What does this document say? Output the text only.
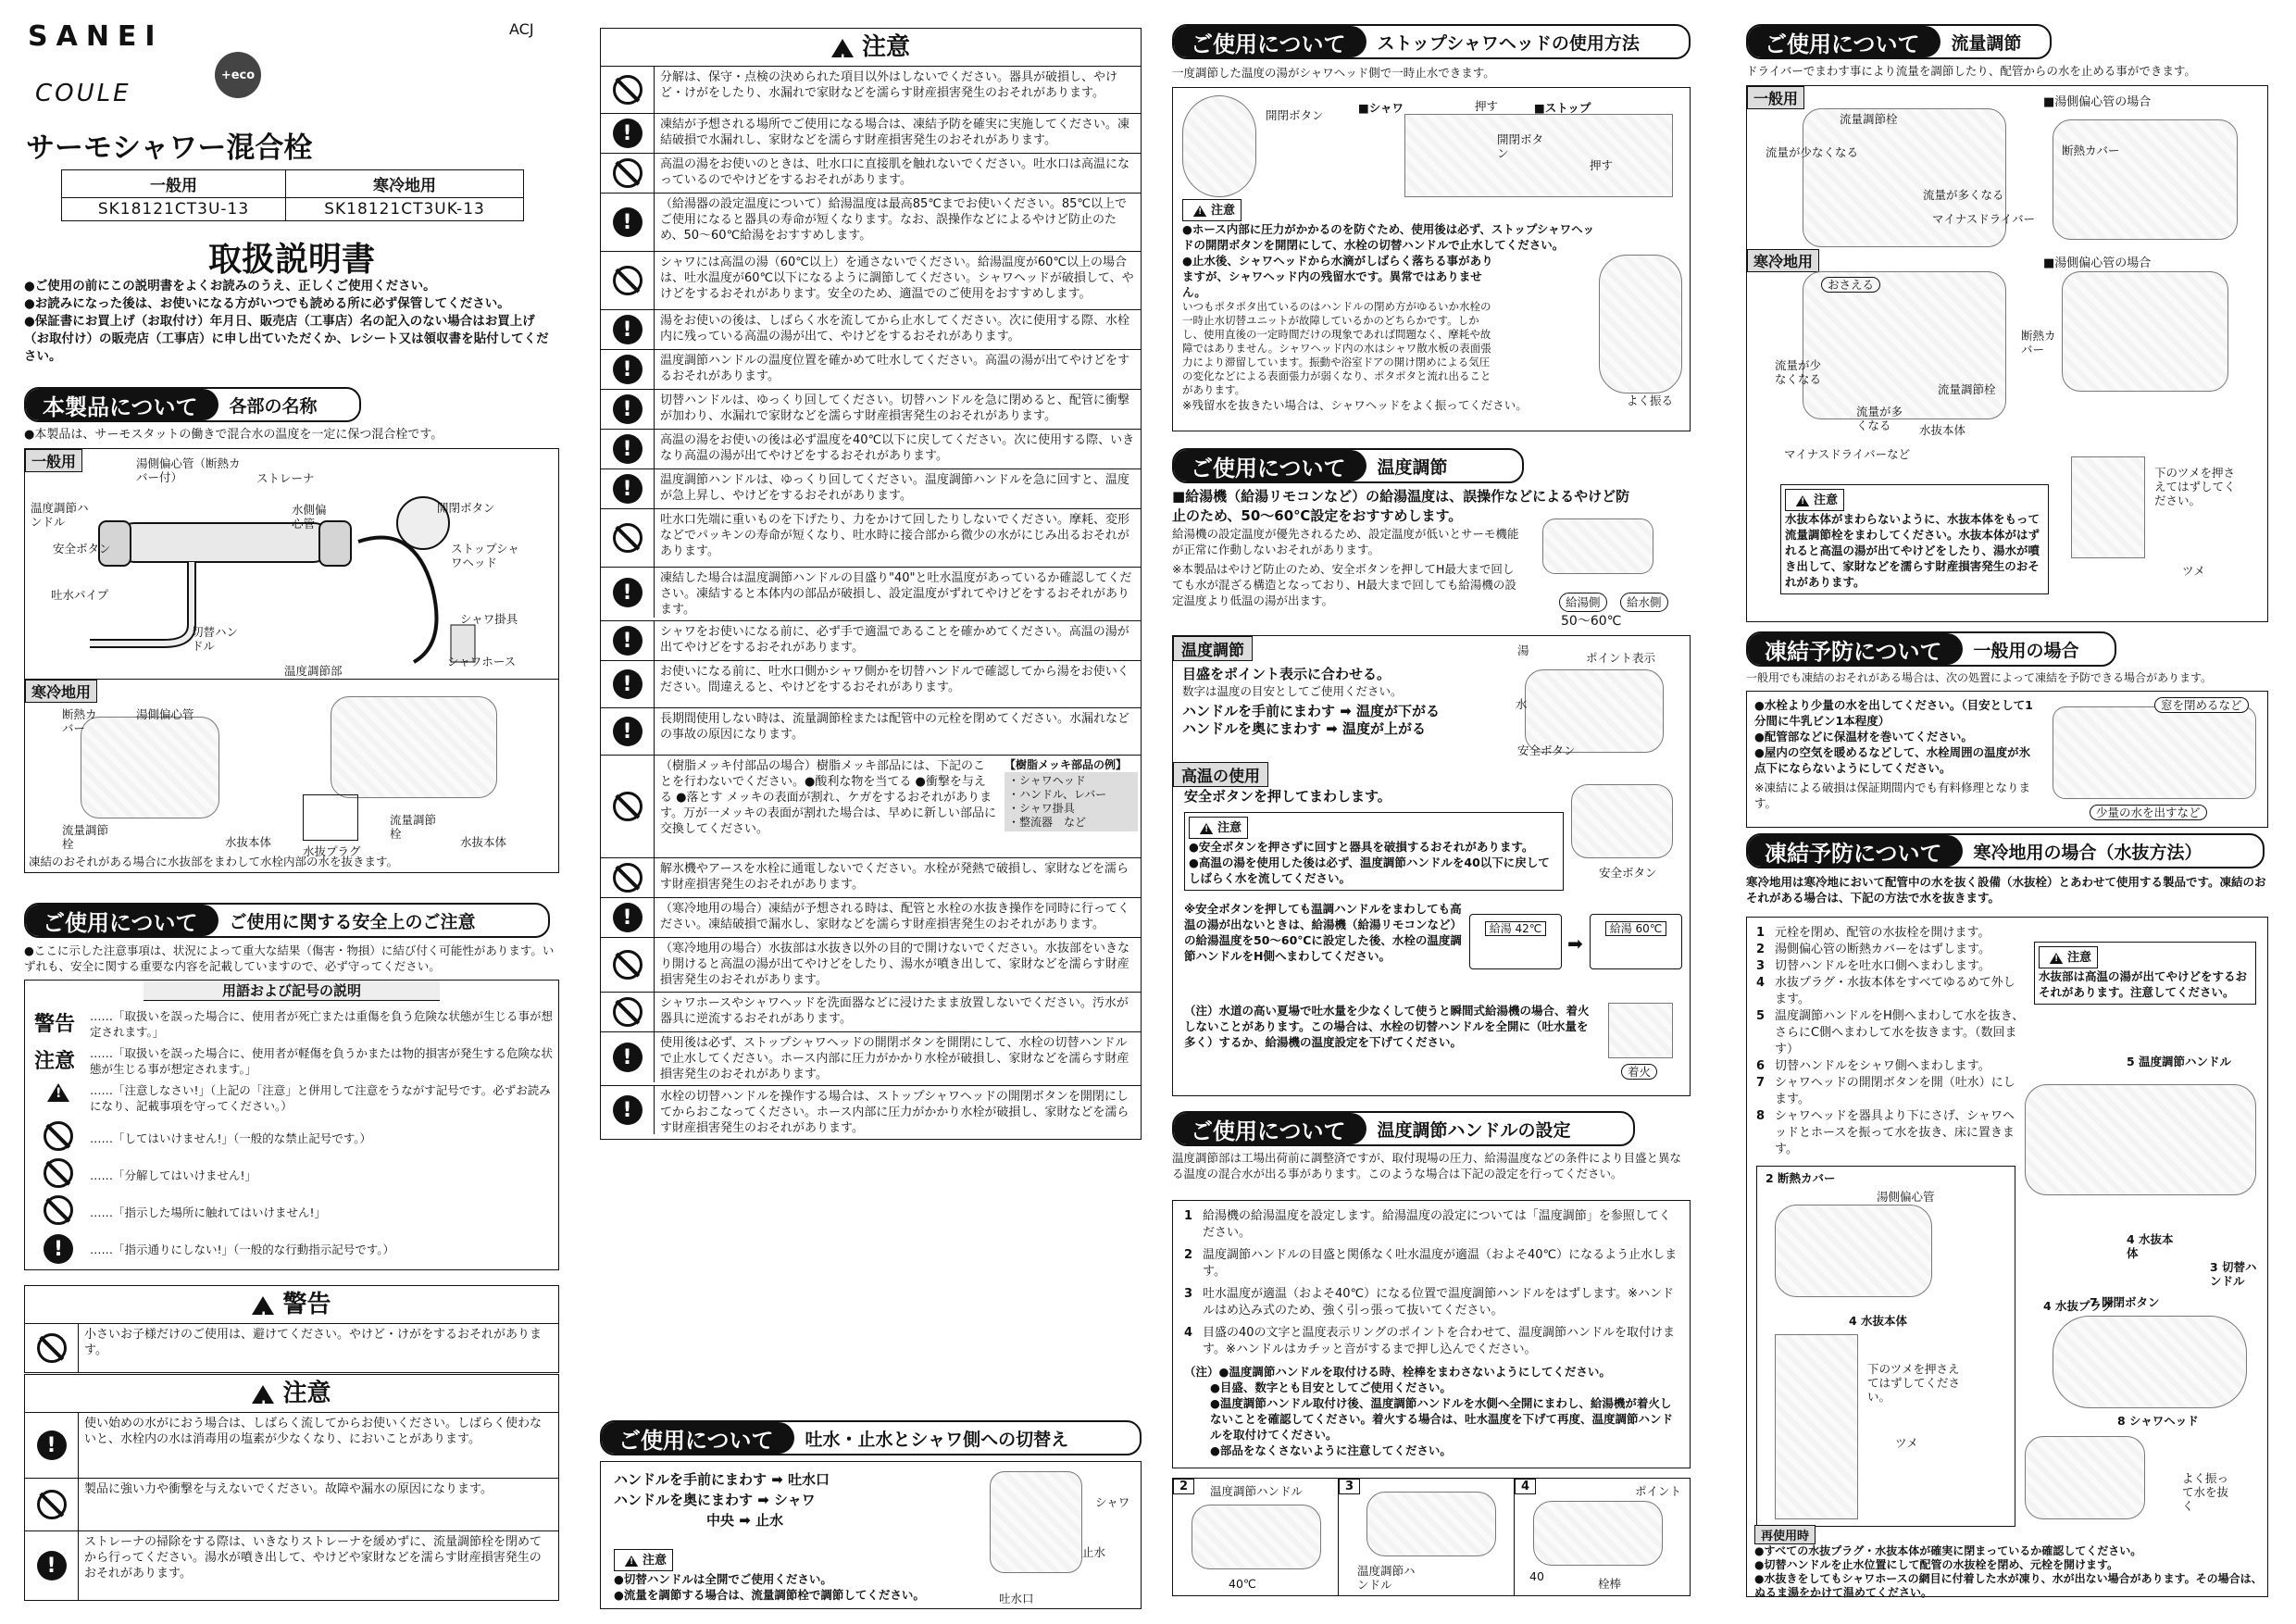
SANEI	ACJ
COULE
+eco
サーモシャワー混合栓
一般用	寒冷地用
SK18121CT3U-13	SK18121CT3UK-13
取扱説明書

●ご使用の前にこの説明書をよくお読みのうえ、正しくご使用ください。

●お読みになった後は、お使いになる方がいつでも読める所に必ず保管してください。

●保証書にお買上げ（お取付け）年月日、販売店（工事店）名の記入のない場合はお買上げ（お取付け）の販売店（工事店）に申し出ていただくか、レシート又は領収書を貼付してください。

本製品について	各部の名称

●本製品は、サーモスタットの働きで混合水の温度を一定に保つ混合栓です。

一般用	湯側偏心管（断熱カバー付）	ストレーナ
温度調節ハンドル
水側偏心管
安全ボタン
開閉ボタン
ストップシャワヘッド
吐水パイプ
切替ハンドル
シャワ掛具
温度調節部
シャワホース
寒冷地用
断熱カバー
湯側偏心管
流量調節栓	水抜本体
水抜プラグ
流量調節栓
水抜本体

凍結のおそれがある場合に水抜部をまわして水栓内部の水を抜きます。

ご使用について	ご使用に関する安全上のご注意

●ここに示した注意事項は、状況によって重大な結果（傷害・物損）に結び付く可能性があります。いずれも、安全に関する重要な内容を記載していますので、必ず守ってください。

用語および記号の説明
警告	……「取扱いを誤った場合に、使用者が死亡または重傷を負う危険な状態が生じる事が想定されます。」
注意	……「取扱いを誤った場合に、使用者が軽傷を負うかまたは物的損害が発生する危険な状態が生じる事が想定されます。」
!
……「注意しなさい!」（上記の「注意」と併用して注意をうながす記号です。必ずお読みになり、記載事項を守ってください。）
……「してはいけません!」（一般的な禁止記号です。）
……「分解してはいけません!」
……「指示した場所に触れてはいけません!」
!	……「指示通りにしない!」（一般的な行動指示記号です。）
! 警告
小さいお子様だけのご使用は、避けてください。やけど・けがをするおそれがあります。
! 注意
!
使い始めの水がにおう場合は、しばらく流してからお使いください。しばらく使わないと、水栓内の水は消毒用の塩素が少なくなり、においことがあります。
製品に強い力や衝撃を与えないでください。故障や漏水の原因になります。
!
ストレーナの掃除をする際は、いきなりストレーナを緩めずに、流量調節栓を閉めてから行ってください。湯水が噴き出して、やけどや家財などを濡らす財産損害発生のおそれがあります。
! 注意
分解は、保守・点検の決められた項目以外はしないでください。器具が破損し、やけど・けがをしたり、水漏れで家財などを濡らす財産損害発生のおそれがあります。
!	凍結が予想される場所でご使用になる場合は、凍結予防を確実に実施してください。凍結破損で水漏れし、家財などを濡らす財産損害発生のおそれがあります。
高温の湯をお使いのときは、吐水口に直接肌を触れないでください。吐水口は高温になっているのでやけどをするおそれがあります。
!
（給湯器の設定温度について）給湯温度は最高85℃までお使いください。85℃以上でご使用になると器具の寿命が短くなります。なお、誤操作などによるやけど防止のため、50～60℃給湯をおすすめします。
シャワには高温の湯（60℃以上）を通さないでください。給湯温度が60℃以上の場合は、吐水温度が60℃以下になるように調節してください。シャワヘッドが破損して、やけどをするおそれがあります。安全のため、適温でのご使用をおすすめします。
!	湯をお使いの後は、しばらく水を流してから止水してください。次に使用する際、水栓内に残っている高温の湯が出て、やけどをするおそれがあります。
!	温度調節ハンドルの温度位置を確かめて吐水してください。高温の湯が出てやけどをするおそれがあります。
!	切替ハンドルは、ゆっくり回してください。切替ハンドルを急に閉めると、配管に衝撃が加わり、水漏れで家財などを濡らす財産損害発生のおそれがあります。
!	高温の湯をお使いの後は必ず温度を40℃以下に戻してください。次に使用する際、いきなり高温の湯が出てやけどをするおそれがあります。
!	温度調節ハンドルは、ゆっくり回してください。温度調節ハンドルを急に回すと、温度が急上昇し、やけどをするおそれがあります。
吐水口先端に重いものを下げたり、力をかけて回したりしないでください。摩耗、変形などでパッキンの寿命が短くなり、吐水時に接合部から微少の水がにじみ出るおそれがあります。
!
凍結した場合は温度調節ハンドルの目盛り"40"と吐水温度があっているか確認してください。凍結すると本体内の部品が破損し、設定温度がずれてやけどをするおそれがあります。
!	シャワをお使いになる前に、必ず手で適温であることを確かめてください。高温の湯が出てやけどをするおそれがあります。
!
お使いになる前に、吐水口側かシャワ側かを切替ハンドルで確認してから湯をお使いください。間違えると、やけどをするおそれがあります。
!
長期間使用しない時は、流量調節栓または配管中の元栓を閉めてください。水漏れなどの事故の原因になります。
（樹脂メッキ付部品の場合）樹脂メッキ部品には、下記のことを行わないでください。●酸利な物を当てる ●衝撃を与える ●落とす メッキの表面が割れ、ケガをするおそれがあります。万が一メッキの表面が割れた場合は、早めに新しい部品に交換してください。
【樹脂メッキ部品の例】
・シャワヘッド
・ハンドル、レバー
・シャワ掛具
・整流器　など
解氷機やアースを水栓に通電しないでください。水栓が発熱で破損し、家財などを濡らす財産損害発生のおそれがあります。
!	（寒冷地用の場合）凍結が予想される時は、配管と水栓の水抜き操作を同時に行ってください。凍結破損で漏水し、家財などを濡らす財産損害発生のおそれがあります。
（寒冷地用の場合）水抜部は水抜き以外の目的で開けないでください。水抜部をいきなり開けると高温の湯が出てやけどをしたり、湯水が噴き出して、家財などを濡らす財産損害発生のおそれがあります。
シャワホースやシャワヘッドを洗面器などに浸けたまま放置しないでください。汚水が器具に逆流するおそれがあります。
!
使用後は必ず、ストップシャワヘッドの開閉ボタンを開閉にして、水栓の切替ハンドルで止水してください。ホース内部に圧力がかかり水栓が破損し、家財などを濡らす財産損害発生のおそれがあります。
!
水栓の切替ハンドルを操作する場合は、ストップシャワヘッドの開閉ボタンを開閉にしてからおこなってください。ホース内部に圧力がかかり水栓が破損し、家財などを濡らす財産損害発生のおそれがあります。
ご使用について	吐水・止水とシャワ側への切替え
ハンドルを手前にまわす ➡ 吐水口
ハンドルを奥にまわす ➡ シャワ
中央 ➡ 止水
シャワ
止水
吐水口
!注意

●切替ハンドルは全開でご使用ください。

●流量を調節する場合は、流量調節栓で調節してください。

ご使用について	ストップシャワヘッドの使用方法

一度調節した温度の湯がシャワヘッド側で一時止水できます。

開閉ボタン
■シャワ	押す	■ストップ
開閉ボタン
押す
!注意

●ホース内部に圧力がかかるのを防ぐため、使用後は必ず、ストップシャワヘッドの開閉ボタンを開閉にして、水栓の切替ハンドルで止水してください。

●止水後、シャワヘッドから水滴がしばらく落ちる事がありますが、シャワヘッド内の残留水です。異常ではありません。

いつもポタポタ出ているのはハンドルの閉め方がゆるいか水栓の一時止水切替ユニットが故障しているかのどちらかです。しかし、使用直後の一定時間だけの現象であれば問題なく、摩耗や故障ではありません。シャワヘッド内の水はシャワ散水板の表面張力により滞留しています。振動や浴室ドアの開け閉めによる気圧の変化などによる表面張力が弱くなり、ポタポタと流れ出ることがあります。

※残留水を抜きたい場合は、シャワヘッドをよく振ってください。	よく振る
ご使用について	温度調節

■給湯機（給湯リモコンなど）の給湯温度は、誤操作などによるやけど防止のため、50～60℃設定をおすすめします。

給湯機の設定温度が優先されるため、設定温度が低いとサーモ機能が正常に作動しないおそれがあります。

※本製品はやけど防止のため、安全ボタンを押してH最大まで回しても水が混ざる構造となっており、H最大まで回しても給湯機の設定温度より低温の湯が出ます。	給湯側	給水側
50～60℃
温度調節

目盛をポイント表示に合わせる。

数字は温度の目安としてご使用ください。

ハンドルを手前にまわす ➡ 温度が下がる

ハンドルを奥にまわす ➡ 温度が上がる

湯
ポイント表示
水
安全ボタン
高温の使用

安全ボタンを押してまわします。

!注意

●安全ボタンを押さずに回すと器具を破損するおそれがあります。

●高温の湯を使用した後は必ず、温度調節ハンドルを40以下に戻してしばらく水を流してください。	安全ボタン

※安全ボタンを押しても温調ハンドルをまわしても高温の湯が出ないときは、給湯機（給湯リモコンなど）の給湯温度を50～60℃に設定した後、水栓の温度調節ハンドルをH側へまわしてください。

給湯 42℃
➡
給湯 60℃

（注）水道の高い夏場で吐水量を少なくして使うと瞬間式給湯機の場合、着火しないことがあります。この場合は、水栓の切替ハンドルを全開に（吐水量を多く）するか、給湯機の温度設定を下げてください。

着火
ご使用について	温度調節ハンドルの設定

温度調節部は工場出荷前に調整済ですが、取付現場の圧力、給湯温度などの条件により目盛と異なる温度の混合水が出る事があります。このような場合は下記の設定を行ってください。

1 給湯機の給湯温度を設定します。給湯温度の設定については「温度調節」を参照してください。
2 温度調節ハンドルの目盛と関係なく吐水温度が適温（およそ40℃）になるよう止水します。
3 吐水温度が適温（およそ40℃）になる位置で温度調節ハンドルをはずします。※ハンドルはめ込み式のため、強く引っ張って抜いてください。
4 目盛の40の文字と温度表示リングのポイントを合わせて、温度調節ハンドルを取付けます。※ハンドルはカチッと音がするまで押し込んでください。

（注）●温度調節ハンドルを取付ける時、栓棒をまわさないようにしてください。

●目盛、数字とも目安としてご使用ください。

●温度調節ハンドル取付け後、温度調節ハンドルを水側へ全開にまわし、給湯機が着火しないことを確認してください。着火する場合は、吐水温度を下げて再度、温度調節ハンドルを取付けてください。

●部品をなくさないように注意してください。

2	温度調節ハンドル
40℃
3
温度調節ハンドル
4	ポイント
40
栓棒
ご使用について	流量調節

ドライバーでまわす事により流量を調節したり、配管からの水を止める事ができます。

一般用	■湯側偏心管の場合
流量調節栓
流量が少なくなる	断熱カバー
流量が多くなる
マイナスドライバー
寒冷地用	■湯側偏心管の場合
おさえる
断熱カバー
流量が少なくなる
流量調節栓
流量が多くなる	水抜本体
マイナスドライバーなど
下のツメを押さえてはずしてください。
ツメ
!注意

水抜本体がまわらないように、水抜本体をもって流量調節栓をまわしてください。水抜本体がはずれると高温の湯が出てやけどをしたり、湯水が噴き出して、家財などを濡らす財産損害発生のおそれがあります。

凍結予防について	一般用の場合

一般用でも凍結のおそれがある場合は、次の処置によって凍結を予防できる場合があります。

●水栓より少量の水を出してください。（目安として1分間に牛乳ビン1本程度）

●配管部などに保温材を巻いてください。

●屋内の空気を暖めるなどして、水栓周囲の温度が氷点下にならないようにしてください。

※凍結による破損は保証期間内でも有料修理となります。

窓を閉めるなど
少量の水を出すなど
凍結予防について	寒冷地用の場合（水抜方法）

寒冷地用は寒冷地において配管中の水を抜く設備（水抜栓）とあわせて使用する製品です。凍結のおそれがある場合は、下記の方法で水を抜きます。

1 元栓を閉め、配管の水抜栓を開けます。
2 湯側偏心管の断熱カバーをはずします。
3 切替ハンドルを吐水口側へまわします。
4 水抜プラグ・水抜本体をすべてゆるめて外します。
5 温度調節ハンドルをH側へまわして水を抜き、さらにC側へまわして水を抜きます。（数回ます）
6 切替ハンドルをシャワ側へまわします。
7 シャワヘッドの開閉ボタンを開（吐水）にします。
8 シャワヘッドを器具より下にさげ、シャワヘッドとホースを振って水を抜き、床に置きます。
!注意

水抜部は高温の湯が出てやけどをするおそれがあります。注意してください。

5 温度調節ハンドル
2 断熱カバー
湯側偏心管
4 水抜本体
3 切替ハンドル
4 水抜プラグ
4 水抜本体
7 開閉ボタン
下のツメを押さえてはずしてください。
ツメ
8 シャワヘッド
よく振って水を抜く
再使用時

●すべての水抜プラグ・水抜本体が確実に閉まっているか確認してください。

●切替ハンドルを止水位置にして配管の水抜栓を閉め、元栓を開けます。

●水抜きをしてもシャワホースの網目に付着した水が凍り、水が出ない場合があります。その場合は、ぬるま湯をかけて温めてください。
